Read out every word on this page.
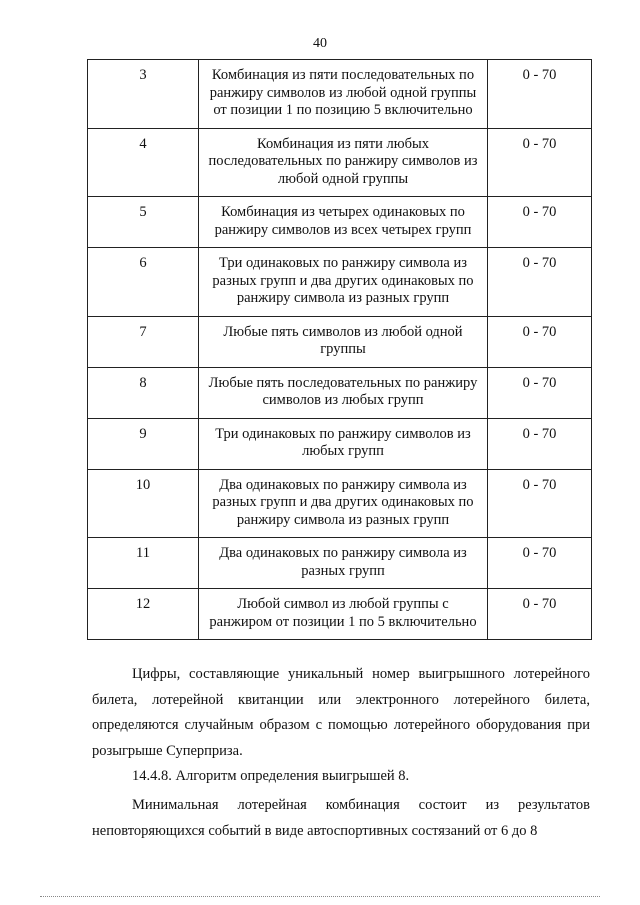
40
3	Комбинация из пяти последовательных по ранжиру символов из любой одной группы от позиции 1 по позицию 5 включительно	0 - 70
4	Комбинация из пяти любых последовательных по ранжиру символов из любой одной группы	0 - 70
5	Комбинация из четырех одинаковых по ранжиру символов из всех четырех групп	0 - 70
6	Три одинаковых по ранжиру символа из разных групп и два других одинаковых по ранжиру символа из разных групп	0 - 70
7	Любые пять символов из любой одной группы	0 - 70
8	Любые пять последовательных по ранжиру символов из любых групп	0 - 70
9	Три одинаковых по ранжиру символов из любых групп	0 - 70
10	Два одинаковых по ранжиру символа из разных групп и два других одинаковых по ранжиру символа из разных групп	0 - 70
11	Два одинаковых по ранжиру символа из разных групп	0 - 70
12	Любой символ из любой группы с ранжиром от позиции 1 по 5 включительно	0 - 70

Цифры, составляющие уникальный номер выигрышного лотерейного билета, лотерейной квитанции или электронного лотерейного билета, определяются случайным образом с помощью лотерейного оборудования при розыгрыше Суперприза.

14.4.8. Алгоритм определения выигрышей 8.

Минимальная лотерейная комбинация состоит из результатов неповторяющихся событий в виде автоспортивных состязаний от 6 до 8
